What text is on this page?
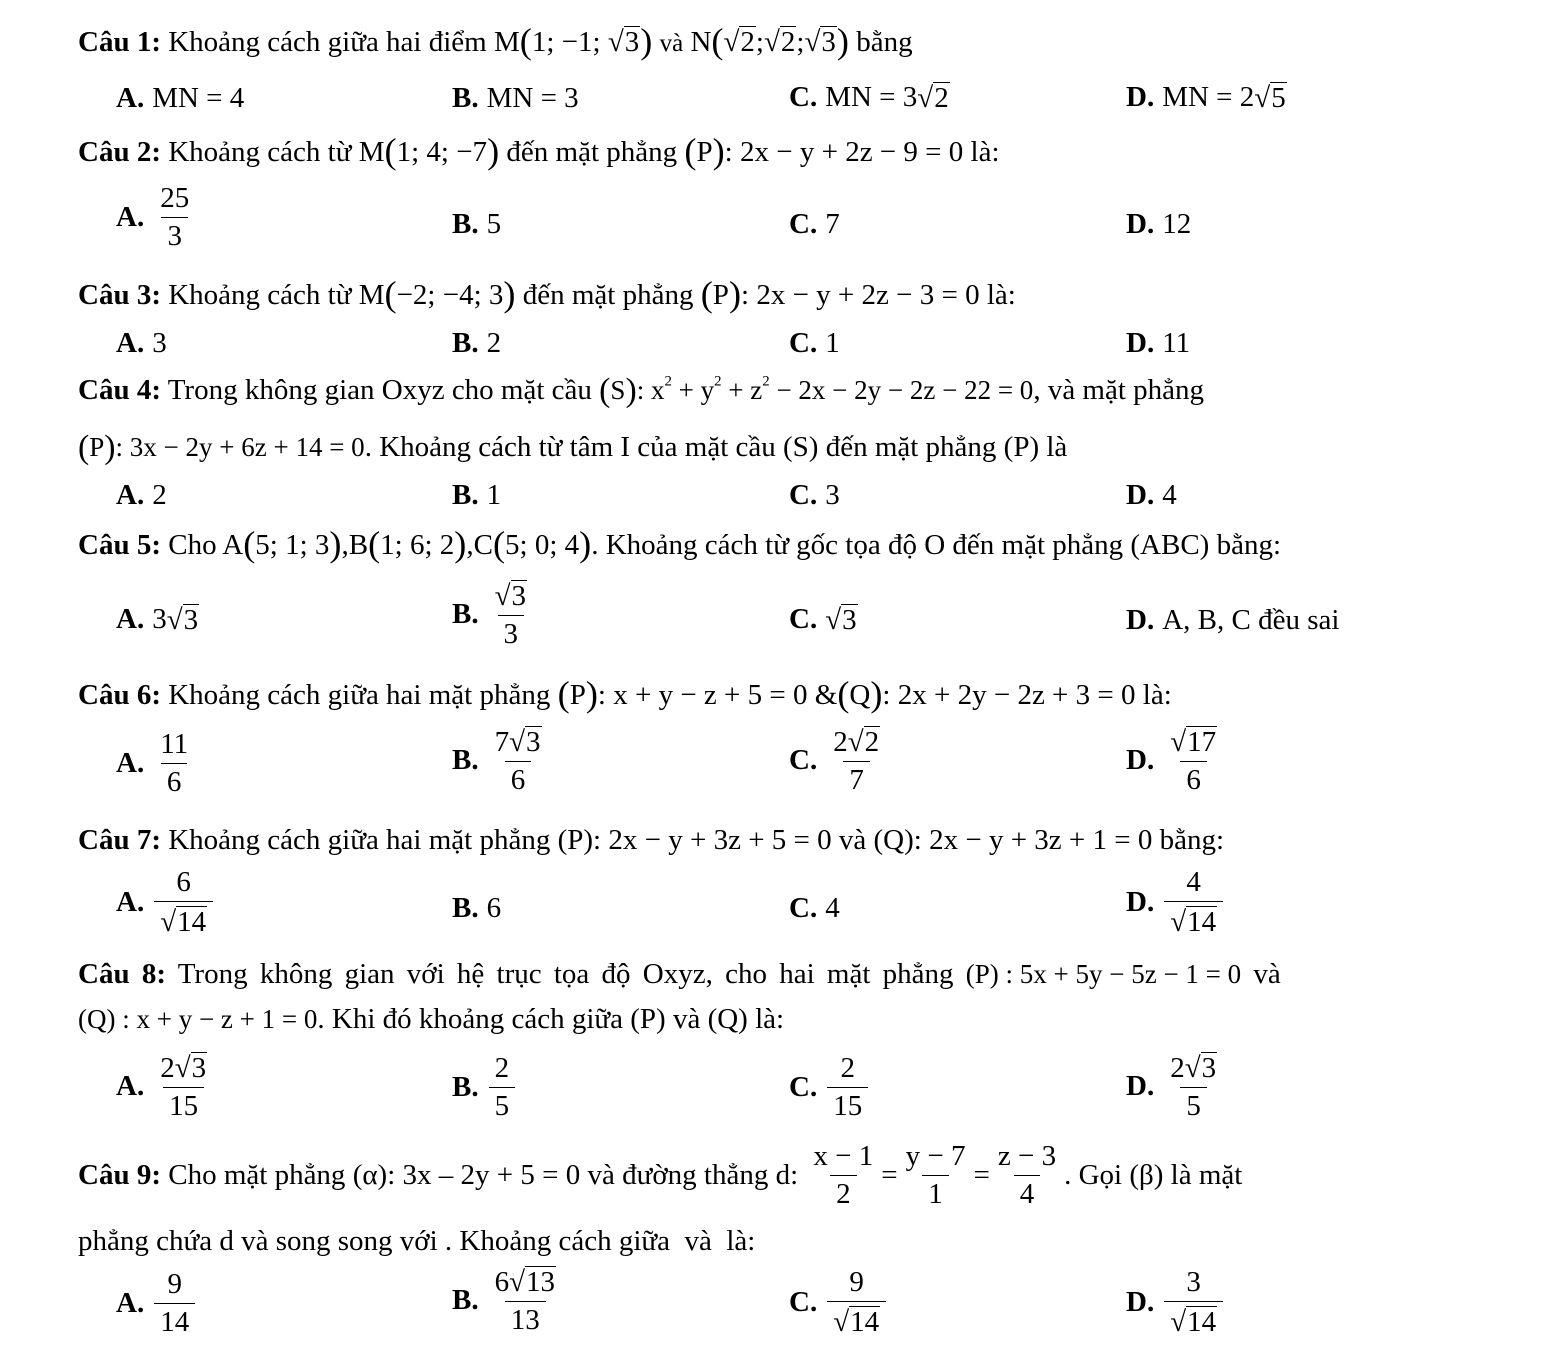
Câu 1: Khoảng cách giữa hai điểm M(1; −1; √ 3 ) và N( √ 2 ; √ 2 ; √ 3 ) bằng
A. MN = 4	B. MN = 3	C. MN = 3 √ 2	D. MN = 2 √ 5
Câu 2: Khoảng cách từ M(1; 4; −7) đến mặt phẳng (P): 2x − y + 2z − 9 = 0 là:
A. $\frac{25}{3}$	B. 5	C. 7	D. 12
Câu 3: Khoảng cách từ M(−2; −4; 3) đến mặt phẳng (P): 2x − y + 2z − 3 = 0 là:
A. 3	B. 2	C. 1	D. 11
Câu 4: Trong không gian Oxyz cho mặt cầu (S): $x^2 + y^2 + z^2 - 2x - 2y - 2z - 22 = 0$, và mặt phẳng
(P): 3x − 2y + 6z + 14 = 0. Khoảng cách từ tâm I của mặt cầu (S) đến mặt phẳng (P) là
A. 2	B. 1	C. 3	D. 4
Câu 5: Cho A(5; 1; 3),B(1; 6; 2),C(5; 0; 4). Khoảng cách từ gốc tọa độ O đến mặt phẳng (ABC) bằng:
A. 3 √ 3	B. $\frac{√ 3}{3}$	C. √ 3	D. A, B, C đều sai
Câu 6: Khoảng cách giữa hai mặt phẳng (P): x + y − z + 5 = 0 &(Q): 2x + 2y − 2z + 3 = 0 là:
A. $\frac{11}{6}$	B. $\frac{7 √ 3}{6}$	C. $\frac{2 √ 2}{7}$	D. $\frac{√ 17}{6}$
Câu 7: Khoảng cách giữa hai mặt phẳng (P): 2x − y + 3z + 5 = 0 và (Q): 2x − y + 3z + 1 = 0 bằng:
A. $\frac{6}{√ 14}$	B. 6	C. 4	D. $\frac{4}{√ 14}$
Câu 8: Trong không gian với hệ trục tọa độ Oxyz, cho hai mặt phẳng (P) : 5x + 5y − 5z − 1 = 0 và
(Q) : x + y − z + 1 = 0. Khi đó khoảng cách giữa (P) và (Q) là:
A. $\frac{2 √ 3}{15}$	B. $\frac{2}{5}$	C. $\frac{2}{15}$	D. $\frac{2 √ 3}{5}$
Câu 9:
Cho mặt phẳng
(α) : 3x – 2y + 5 = 0
và đường thẳng d:
$\frac{x - 1}{2} = \frac{y - 7}{1} = \frac{z - 3}{4}$ . Gọi
(β)
là mặt
phẳng chứa d và song song với . Khoảng cách giữa  và  là:
A. $\frac{9}{14}$	B. $\frac{6 √ 13}{13}$	C. $\frac{9}{√ 14}$	D. $\frac{3}{√ 14}$
